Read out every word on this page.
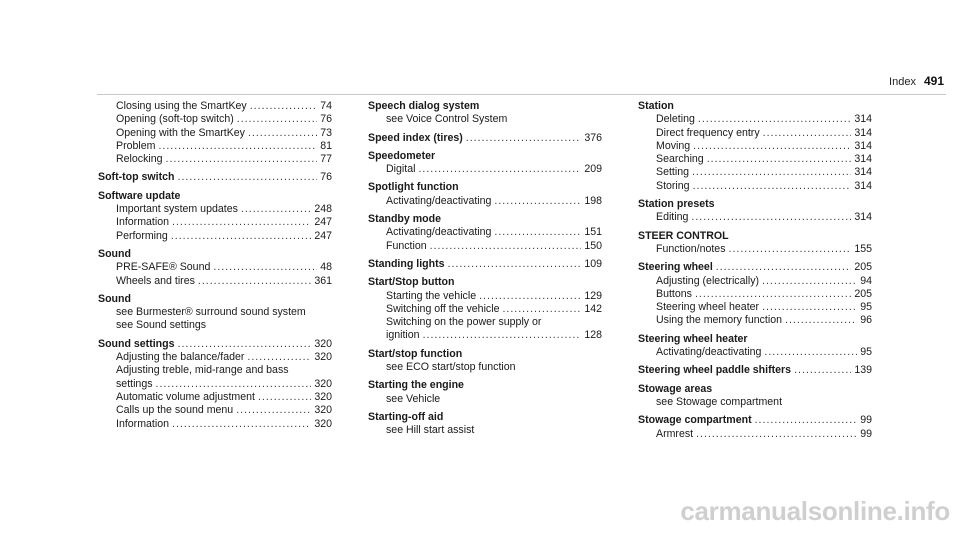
Index 491
Closing using the SmartKey .....	74
Opening (soft-top switch) .....	76
Opening with the SmartKey .....	73
Problem .....	81
Relocking .....	77
Soft-top switch .....	76
Software update
Important system updates .....	248
Information .....	247
Performing .....	247
Sound
PRE-SAFE® Sound .....	48
Wheels and tires .....	361
Sound
see Burmester® surround sound system
see Sound settings
Sound settings .....	320
Adjusting the balance/fader .....	320
Adjusting treble, mid-range and bass
settings .....	320
Automatic volume adjustment .....	320
Calls up the sound menu .....	320
Information .....	320
Speech dialog system
see Voice Control System
Speed index (tires) .....	376
Speedometer
Digital .....	209
Spotlight function
Activating/deactivating .....	198
Standby mode
Activating/deactivating .....	151
Function .....	150
Standing lights .....	109
Start/Stop button
Starting the vehicle .....	129
Switching off the vehicle .....	142
Switching on the power supply or
ignition .....	128
Start/stop function
see ECO start/stop function
Starting the engine
see Vehicle
Starting-off aid
see Hill start assist
Station
Deleting .....	314
Direct frequency entry .....	314
Moving .....	314
Searching .....	314
Setting .....	314
Storing .....	314
Station presets
Editing .....	314
STEER CONTROL
Function/notes .....	155
Steering wheel .....	205
Adjusting (electrically) .....	94
Buttons .....	205
Steering wheel heater .....	95
Using the memory function .....	96
Steering wheel heater
Activating/deactivating .....	95
Steering wheel paddle shifters .....	139
Stowage areas
see Stowage compartment
Stowage compartment .....	99
Armrest .....	99
carmanualsonline.info
